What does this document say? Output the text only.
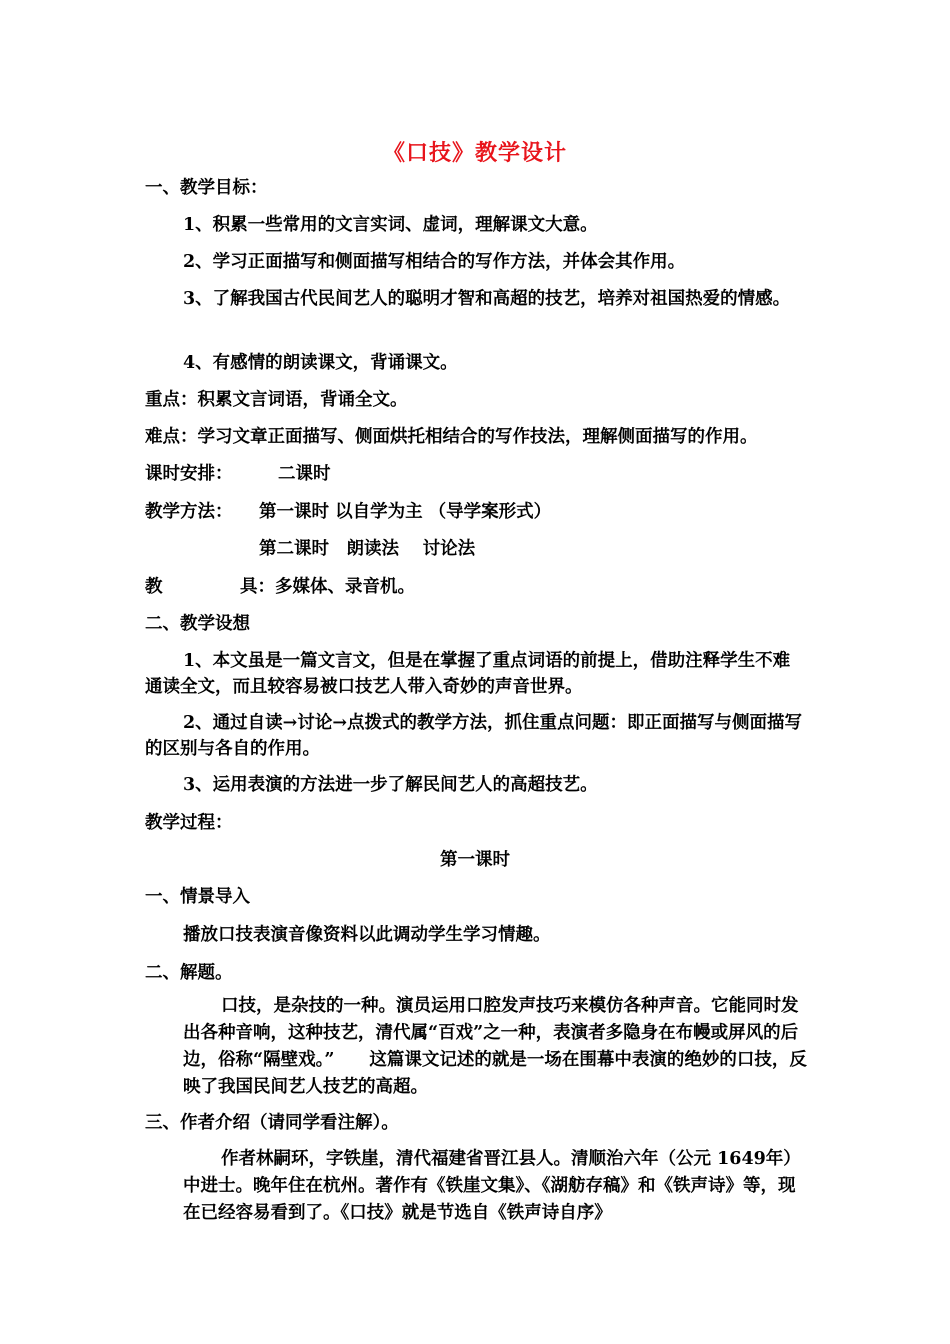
《口技》教学设计
一、教学目标：
1、积累一些常用的文言实词、虚词，理解课文大意。
2、学习正面描写和侧面描写相结合的写作方法，并体会其作用。
3、了解我国古代民间艺人的聪明才智和高超的技艺，培养对祖国热爱的情感。
4、有感情的朗读课文，背诵课文。
重点：积累文言词语，背诵全文。
难点：学习文章正面描写、侧面烘托相结合的写作技法，理解侧面描写的作用。
课时安排：	二课时
教学方法： 第一课时 以自学为主 （导学案形式）
第二课时　朗读法　 讨论法
教	具：多媒体、录音机。
二、教学设想
1、本文虽是一篇文言文，但是在掌握了重点词语的前提上，借助注释学生不难通读全文，而且较容易被口技艺人带入奇妙的声音世界。
2、通过自读→讨论→点拨式的教学方法，抓住重点问题：即正面描写与侧面描写的区别与各自的作用。
3、运用表演的方法进一步了解民间艺人的高超技艺。
教学过程：
第一课时
一、情景导入
播放口技表演音像资料以此调动学生学习情趣。
二、解题。
口技，是杂技的一种。演员运用口腔发声技巧来模仿各种声音。它能同时发出各种音响，这种技艺，清代属“百戏”之一种，表演者多隐身在布幔或屏风的后边，俗称“隔壁戏。”　　这篇课文记述的就是一场在围幕中表演的绝妙的口技，反映了我国民间艺人技艺的高超。
三、作者介绍（请同学看注解）。
作者林嗣环，字铁崖，清代福建省晋江县人。清顺治六年（公元 1649年）中进士。晚年住在杭州。著作有《铁崖文集》、《湖舫存稿》和《铁声诗》等，现在已经容易看到了。《口技》就是节选自《铁声诗自序》
